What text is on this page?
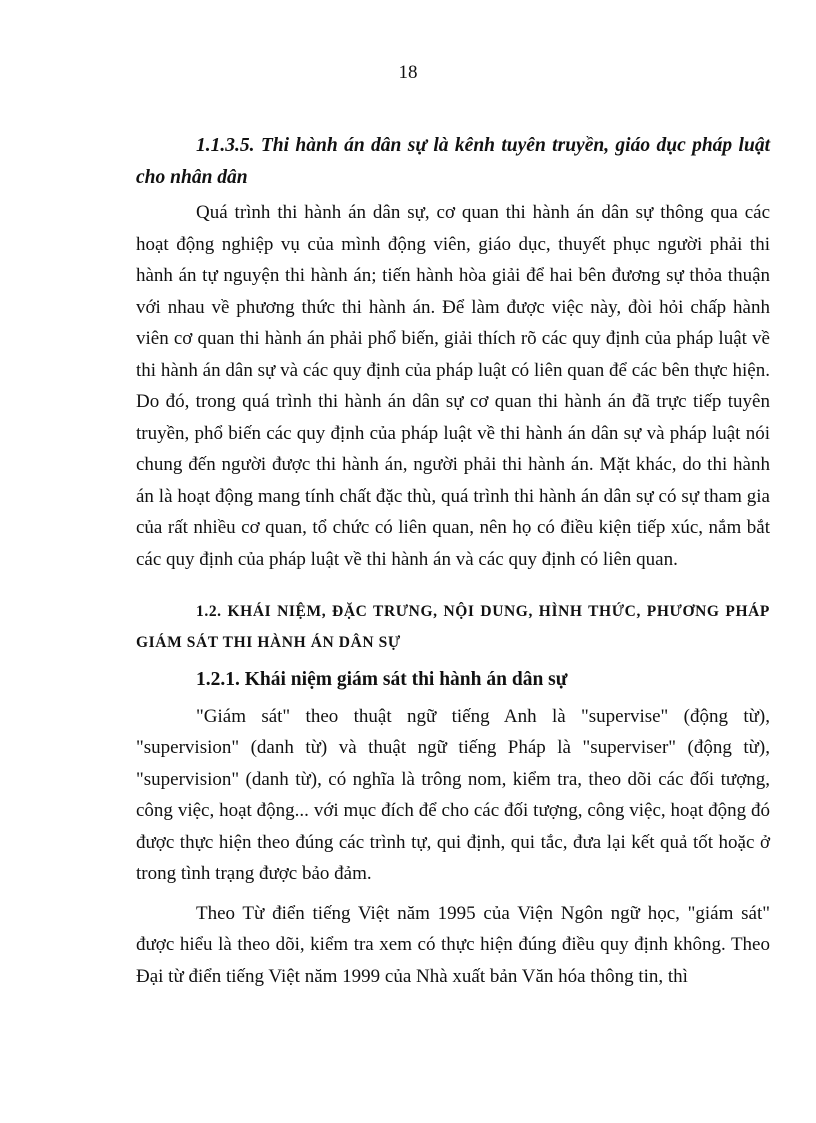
18

1.1.3.5. Thi hành án dân sự là kênh tuyên truyền, giáo dục pháp luật cho nhân dân

Quá trình thi hành án dân sự, cơ quan thi hành án dân sự thông qua các hoạt động nghiệp vụ của mình động viên, giáo dục, thuyết phục người phải thi hành án tự nguyện thi hành án; tiến hành hòa giải để hai bên đương sự thỏa thuận với nhau về phương thức thi hành án. Để làm được việc này, đòi hỏi chấp hành viên cơ quan thi hành án phải phổ biến, giải thích rõ các quy định của pháp luật về thi hành án dân sự và các quy định của pháp luật có liên quan để các bên thực hiện. Do đó, trong quá trình thi hành án dân sự cơ quan thi hành án đã trực tiếp tuyên truyền, phổ biến các quy định của pháp luật về thi hành án dân sự và pháp luật nói chung đến người được thi hành án, người phải thi hành án. Mặt khác, do thi hành án là hoạt động mang tính chất đặc thù, quá trình thi hành án dân sự có sự tham gia của rất nhiều cơ quan, tổ chức có liên quan, nên họ có điều kiện tiếp xúc, nắm bắt các quy định của pháp luật về thi hành án và các quy định có liên quan.

1.2. KHÁI NIỆM, ĐẶC TRƯNG, NỘI DUNG, HÌNH THỨC, PHƯƠNG PHÁP GIÁM SÁT THI HÀNH ÁN DÂN SỰ

1.2.1. Khái niệm giám sát thi hành án dân sự

"Giám sát" theo thuật ngữ tiếng Anh là "supervise" (động từ), "supervision" (danh từ) và thuật ngữ tiếng Pháp là "superviser" (động từ), "supervision" (danh từ), có nghĩa là trông nom, kiểm tra, theo dõi các đối tượng, công việc, hoạt động... với mục đích để cho các đối tượng, công việc, hoạt động đó được thực hiện theo đúng các trình tự, qui định, qui tắc, đưa lại kết quả tốt hoặc ở trong tình trạng được bảo đảm.

Theo Từ điển tiếng Việt năm 1995 của Viện Ngôn ngữ học, "giám sát" được hiểu là theo dõi, kiểm tra xem có thực hiện đúng điều quy định không. Theo Đại từ điển tiếng Việt năm 1999 của Nhà xuất bản Văn hóa thông tin, thì
